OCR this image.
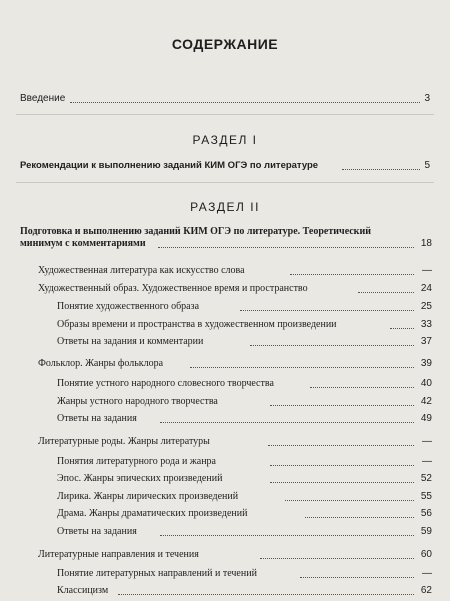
СОДЕРЖАНИЕ
Введение	3
РАЗДЕЛ I
Рекомендации к выполнению заданий КИМ ОГЭ по литературе	5
РАЗДЕЛ II
Подготовка и выполнению заданий КИМ ОГЭ по литературе. Теоретический
минимум с комментариями	18
Художественная литература как искусство слова	—
Художественный образ. Художественное время и пространство	24
Понятие художественного образа	25
Образы времени и пространства в художественном произведении	33
Ответы на задания и комментарии	37
Фольклор. Жанры фольклора	39
Понятие устного народного словесного творчества	40
Жанры устного народного творчества	42
Ответы на задания	49
Литературные роды. Жанры литературы	—
Понятия литературного рода и жанра	—
Эпос. Жанры эпических произведений	52
Лирика. Жанры лирических произведений	55
Драма. Жанры драматических произведений	56
Ответы на задания	59
Литературные направления и течения	60
Понятие литературных направлений и течений	—
Классицизм	62
